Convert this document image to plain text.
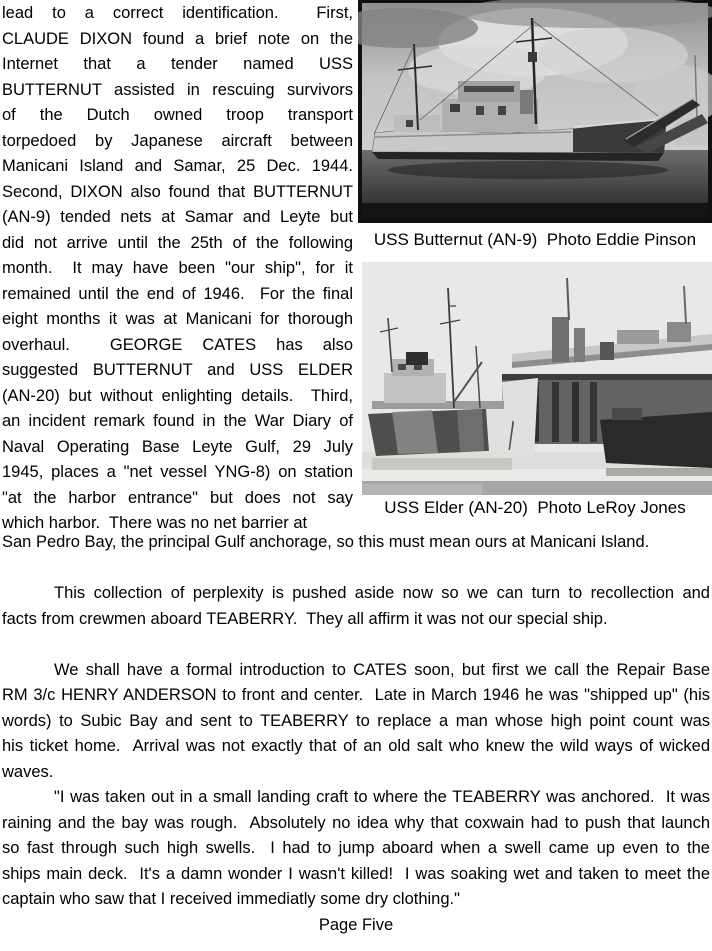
lead to a correct identification.  First,
CLAUDE DIXON found a brief note on the
Internet that a tender named USS
BUTTERNUT assisted in rescuing survivors
of the Dutch owned troop transport
torpedoed by Japanese aircraft between
Manicani Island and Samar, 25 Dec. 1944.
Second, DIXON also found that BUTTERNUT
(AN-9) tended nets at Samar and Leyte but
did not arrive until the 25th of the following
month.  It may have been "our ship", for it
remained until the end of 1946.  For the final
eight months it was at Manicani for thorough
overhaul.  GEORGE CATES has also
suggested BUTTERNUT and USS ELDER
(AN-20) but without enlighting details.  Third,
an incident remark found in the War Diary of
Naval Operating Base Leyte Gulf, 29 July
1945, places a "net vessel YNG-8) on station
"at the harbor entrance" but does not say
which harbor.  There was no net barrier at
USS Butternut (AN-9)  Photo Eddie Pinson
USS Elder (AN-20)  Photo LeRoy Jones
San Pedro Bay, the principal Gulf anchorage, so this must mean ours at Manicani Island.
This collection of perplexity is pushed aside now so we can turn to recollection and
facts from crewmen aboard TEABERRY.  They all affirm it was not our special ship.
We shall have a formal introduction to CATES soon, but first we call the Repair Base
RM 3/c HENRY ANDERSON to front and center.  Late in March 1946 he was "shipped up" (his
words) to Subic Bay and sent to TEABERRY to replace a man whose high point count was
his ticket home.  Arrival was not exactly that of an old salt who knew the wild ways of wicked
waves.
"I was taken out in a small landing craft to where the TEABERRY was anchored.  It was
raining and the bay was rough.  Absolutely no idea why that coxwain had to push that launch
so fast through such high swells.  I had to jump aboard when a swell came up even to the
ships main deck.  It's a damn wonder I wasn't killed!  I was soaking wet and taken to meet the
captain who saw that I received immediatly some dry clothing."
Page Five
